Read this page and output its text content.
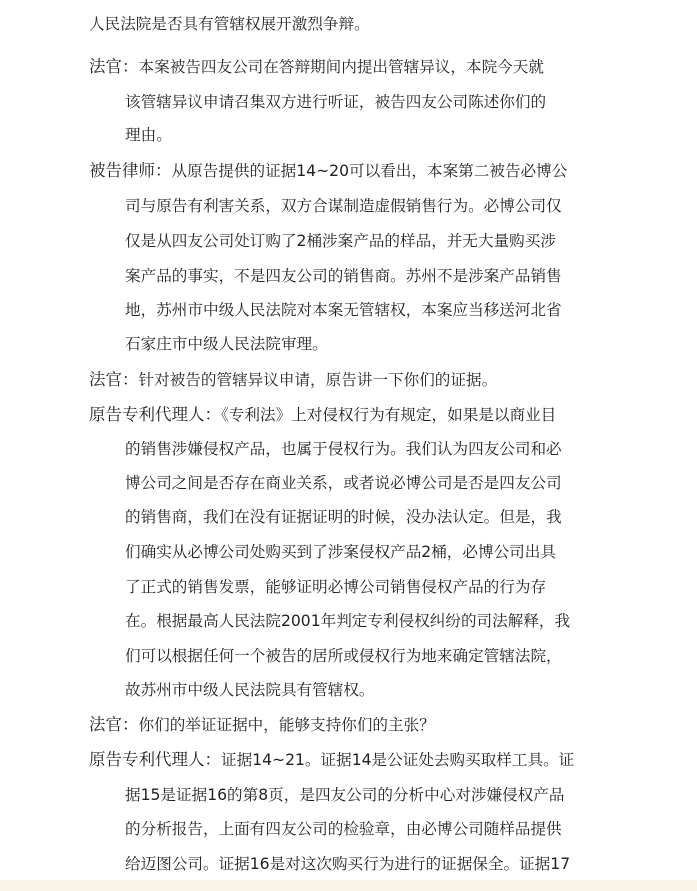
人民法院是否具有管辖权展开激烈争辩。
法官：本案被告四友公司在答辩期间内提出管辖异议，本院今天就
该管辖异议申请召集双方进行听证，被告四友公司陈述你们的
理由。
被告律师：从原告提供的证据14~20可以看出，本案第二被告必博公
司与原告有利害关系，双方合谋制造虚假销售行为。必博公司仅
仅是从四友公司处订购了2桶涉案产品的样品，并无大量购买涉
案产品的事实，不是四友公司的销售商。苏州不是涉案产品销售
地，苏州市中级人民法院对本案无管辖权，本案应当移送河北省
石家庄市中级人民法院审理。
法官：针对被告的管辖异议申请，原告讲一下你们的证据。
原告专利代理人：《专利法》上对侵权行为有规定，如果是以商业目
的销售涉嫌侵权产品，也属于侵权行为。我们认为四友公司和必
博公司之间是否存在商业关系，或者说必博公司是否是四友公司
的销售商，我们在没有证据证明的时候，没办法认定。但是，我
们确实从必博公司处购买到了涉案侵权产品2桶，必博公司出具
了正式的销售发票，能够证明必博公司销售侵权产品的行为存
在。根据最高人民法院2001年判定专利侵权纠纷的司法解释，我
们可以根据任何一个被告的居所或侵权行为地来确定管辖法院，
故苏州市中级人民法院具有管辖权。
法官：你们的举证证据中，能够支持你们的主张？
原告专利代理人：证据14~21。证据14是公证处去购买取样工具。证
据15是证据16的第8页，是四友公司的分析中心对涉嫌侵权产品
的分析报告，上面有四友公司的检验章，由必博公司随样品提供
给迈图公司。证据16是对这次购买行为进行的证据保全。证据17
